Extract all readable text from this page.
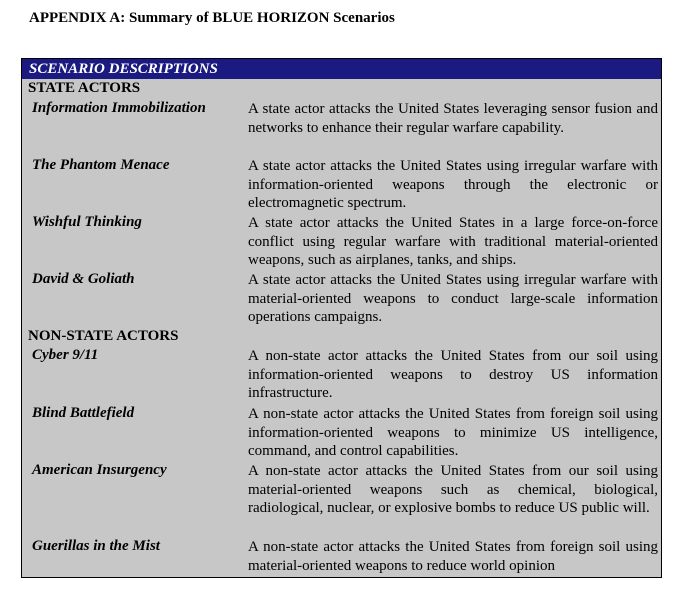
APPENDIX A: Summary of BLUE HORIZON Scenarios
SCENARIO DESCRIPTIONS
STATE ACTORS
Information Immobilization	A state actor attacks the United States leveraging sensor fusion and networks to enhance their regular warfare capability.
The Phantom Menace	A state actor attacks the United States using irregular warfare with information-oriented weapons through the electronic or electromagnetic spectrum.
Wishful Thinking	A state actor attacks the United States in a large force-on-force conflict using regular warfare with traditional material-oriented weapons, such as airplanes, tanks, and ships.
David & Goliath	A state actor attacks the United States using irregular warfare with material-oriented weapons to conduct large-scale information operations campaigns.
NON-STATE ACTORS
Cyber 9/11	A non-state actor attacks the United States from our soil using information-oriented weapons to destroy US information infrastructure.
Blind Battlefield	A non-state actor attacks the United States from foreign soil using information-oriented weapons to minimize US intelligence, command, and control capabilities.
American Insurgency	A non-state actor attacks the United States from our soil using material-oriented weapons such as chemical, biological, radiological, nuclear, or explosive bombs to reduce US public will.
Guerillas in the Mist	A non-state actor attacks the United States from foreign soil using material-oriented weapons to reduce world opinion
